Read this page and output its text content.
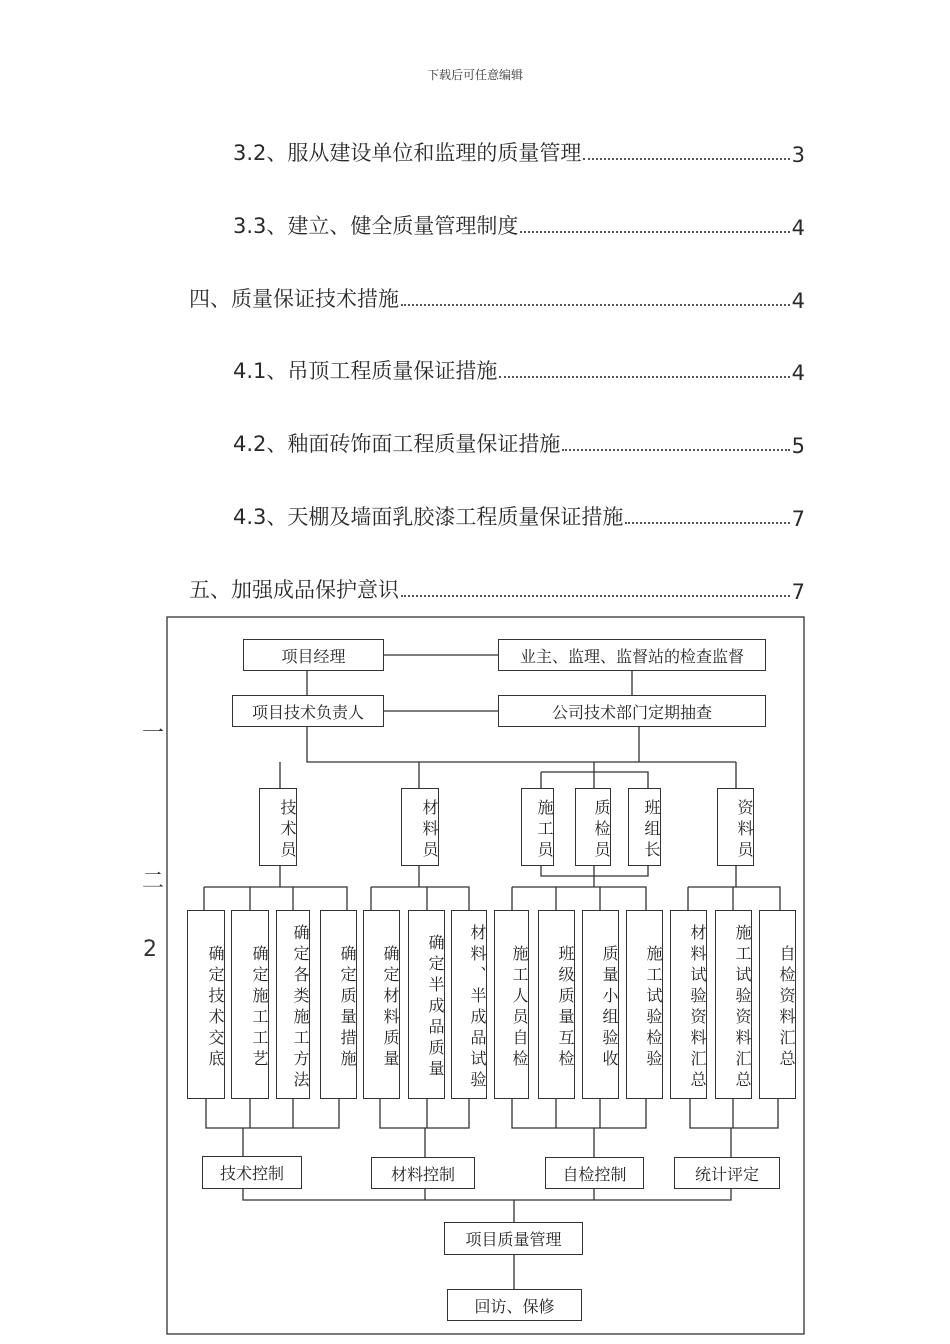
下载后可任意编辑
3.2、服从建设单位和监理的质量管理	3
3.3、建立、健全质量管理制度	4
四、质量保证技术措施	4
4.1、吊顶工程质量保证措施	4
4.2、釉面砖饰面工程质量保证措施	5
4.3、天棚及墙面乳胶漆工程质量保证措施	7
五、加强成品保护意识	7
一
二
2
项目经理	业主、监理、监督站的检查监督
项目技术负责人	公司技术部门定期抽查
技术员	材料员	施工员	质检员	班组长	资料员
确定技术交底	确定施工工艺	确定各类施工方法	确定质量措施	确定材料质量	确定半成品质量	材料、半成品试验	施工人员自检	班级质量互检	质量小组验收	施工试验检验	材料试验资料汇总	施工试验资料汇总	自检资料汇总
技术控制	材料控制	自检控制	统计评定
项目质量管理
回访、保修
